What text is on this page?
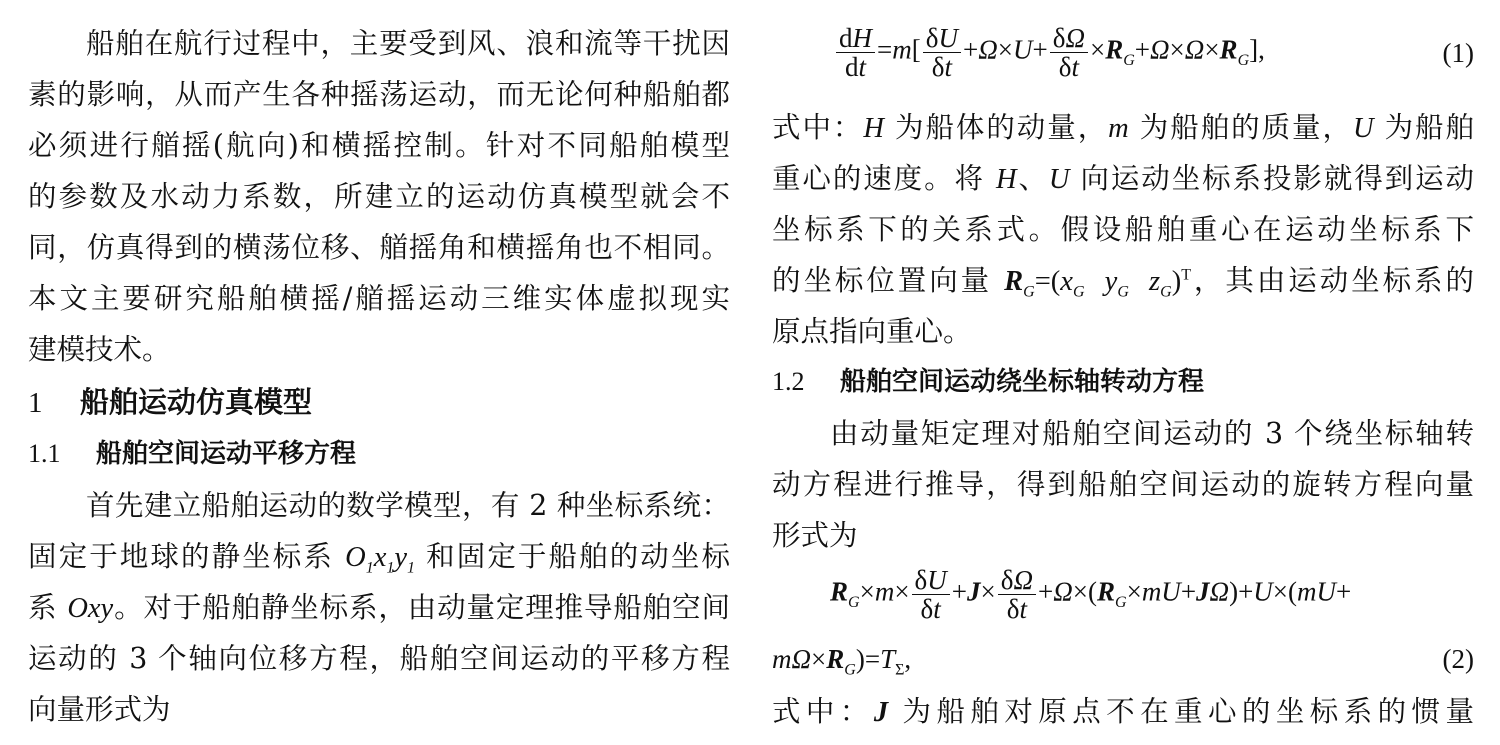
船舶在航行过程中，主要受到风、浪和流等干扰因
素的影响，从而产生各种摇荡运动，而无论何种船舶都
必须进行艏摇(航向)和横摇控制。针对不同船舶模型
的参数及水动力系数，所建立的运动仿真模型就会不
同，仿真得到的横荡位移、艏摇角和横摇角也不相同。
本文主要研究船舶横摇/艏摇运动三维实体虚拟现实
建模技术。
1 船舶运动仿真模型
1.1 船舶空间运动平移方程
首先建立船舶运动的数学模型，有 2 种坐标系统：
固定于地球的静坐标系 $O_1x_1y_1$ 和固定于船舶的动坐标
系 Oxy。对于船舶静坐标系，由动量定理推导船舶空间
运动的 3 个轴向位移方程，船舶空间运动的平移方程
向量形式为
$\frac{dH}{dt} =m[ \frac{\delta U}{\delta t} +\Omega\times U+ \frac{\delta\Omega}{\delta t} \times R_G+\Omega\times\Omega\times R_G]$,	(1)
式中：H 为船体的动量，m 为船舶的质量，U 为船舶
重心的速度。将 H、U 向运动坐标系投影就得到运动
坐标系下的关系式。假设船舶重心在运动坐标系下
的坐标位置向量 $R_G=(x_G$ $y_G$ $z_G)^T$，其由运动坐标系的
原点指向重心。
1.2 船舶空间运动绕坐标轴转动方程
由动量矩定理对船舶空间运动的 3 个绕坐标轴转
动方程进行推导，得到船舶空间运动的旋转方程向量
形式为
$R_G\times m\times \frac{\delta U}{\delta t} +J\times \frac{\delta\Omega}{\delta t} +\Omega\times(R_G\times mU+J\Omega)+U\times(mU+$
$m\Omega\times R_G)=T_\Sigma$,	(2)
式中：J 为船舶对原点不在重心的坐标系的惯量
